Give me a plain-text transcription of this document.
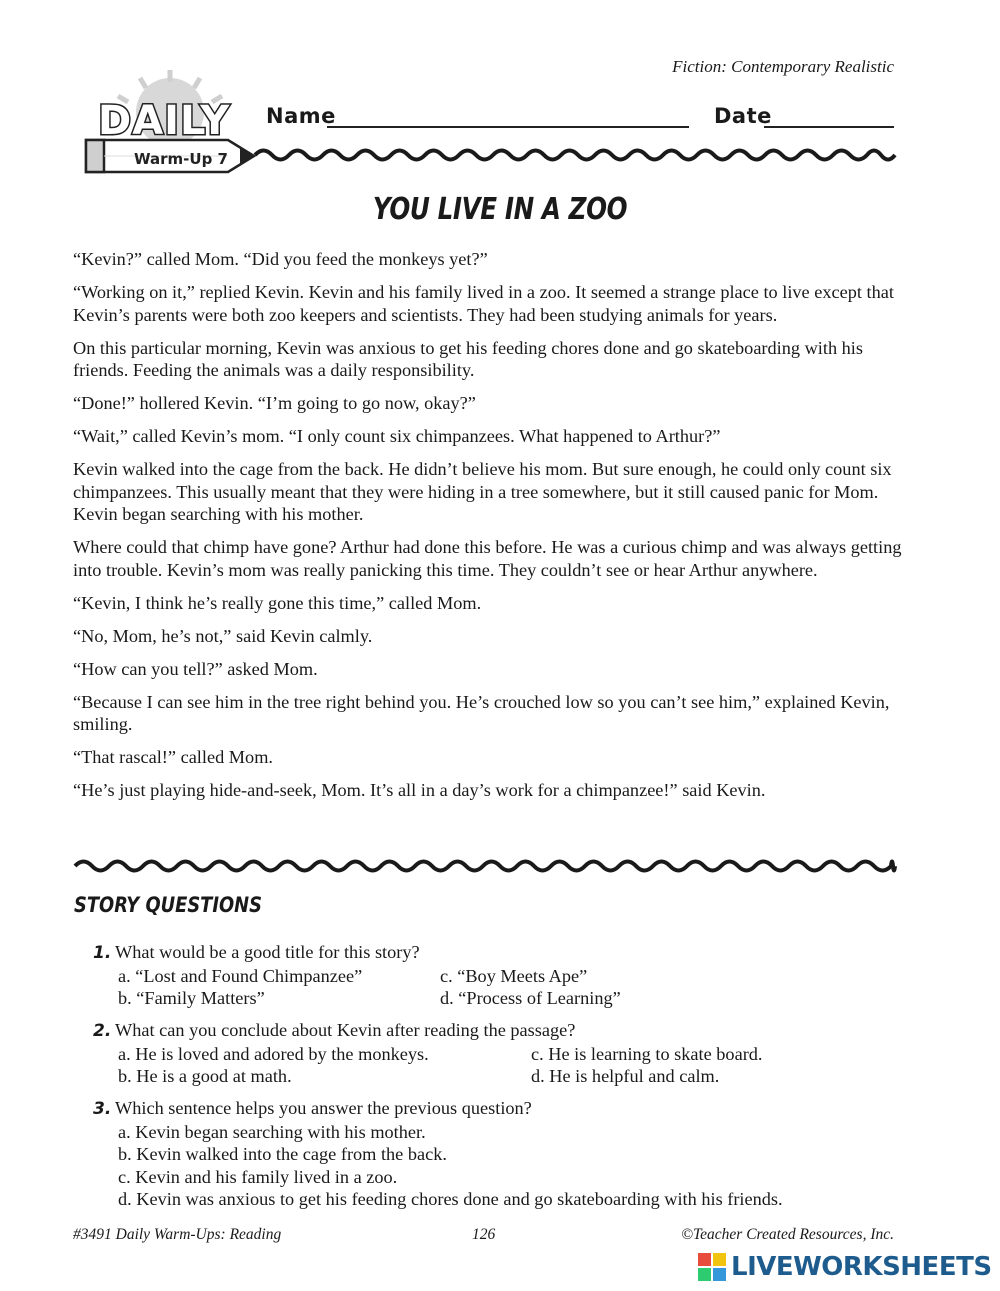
Fiction: Contemporary Realistic
DAILY
Warm-Up 7
Name	Date
YOU LIVE IN A ZOO

“Kevin?” called Mom. “Did you feed the monkeys yet?”

“Working on it,” replied Kevin. Kevin and his family lived in a zoo. It seemed a strange place to live except that Kevin’s parents were both zoo keepers and scientists. They had been studying animals for years.

On this particular morning, Kevin was anxious to get his feeding chores done and go skateboarding with his friends. Feeding the animals was a daily responsibility.

“Done!” hollered Kevin. “I’m going to go now, okay?”

“Wait,” called Kevin’s mom. “I only count six chimpanzees. What happened to Arthur?”

Kevin walked into the cage from the back. He didn’t believe his mom. But sure enough, he could only count six chimpanzees. This usually meant that they were hiding in a tree somewhere, but it still caused panic for Mom. Kevin began searching with his mother.

Where could that chimp have gone? Arthur had done this before. He was a curious chimp and was always getting into trouble. Kevin’s mom was really panicking this time. They couldn’t see or hear Arthur anywhere.

“Kevin, I think he’s really gone this time,” called Mom.

“No, Mom, he’s not,” said Kevin calmly.

“How can you tell?” asked Mom.

“Because I can see him in the tree right behind you. He’s crouched low so you can’t see him,” explained Kevin, smiling.

“That rascal!” called Mom.

“He’s just playing hide-and-seek, Mom. It’s all in a day’s work for a chimpanzee!” said Kevin.

STORY QUESTIONS
1. What would be a good title for this story?
a. “Lost and Found Chimpanzee”	c. “Boy Meets Ape”
b. “Family Matters”	d. “Process of Learning”
2. What can you conclude about Kevin after reading the passage?
a. He is loved and adored by the monkeys.	c. He is learning to skate board.
b. He is a good at math.	d. He is helpful and calm.
3. Which sentence helps you answer the previous question?
a. Kevin began searching with his mother.
b. Kevin walked into the cage from the back.
c. Kevin and his family lived in a zoo.
d. Kevin was anxious to get his feeding chores done and go skateboarding with his friends.
#3491 Daily Warm-Ups: Reading	126	©Teacher Created Resources, Inc.
LIVEWORKSHEETS
